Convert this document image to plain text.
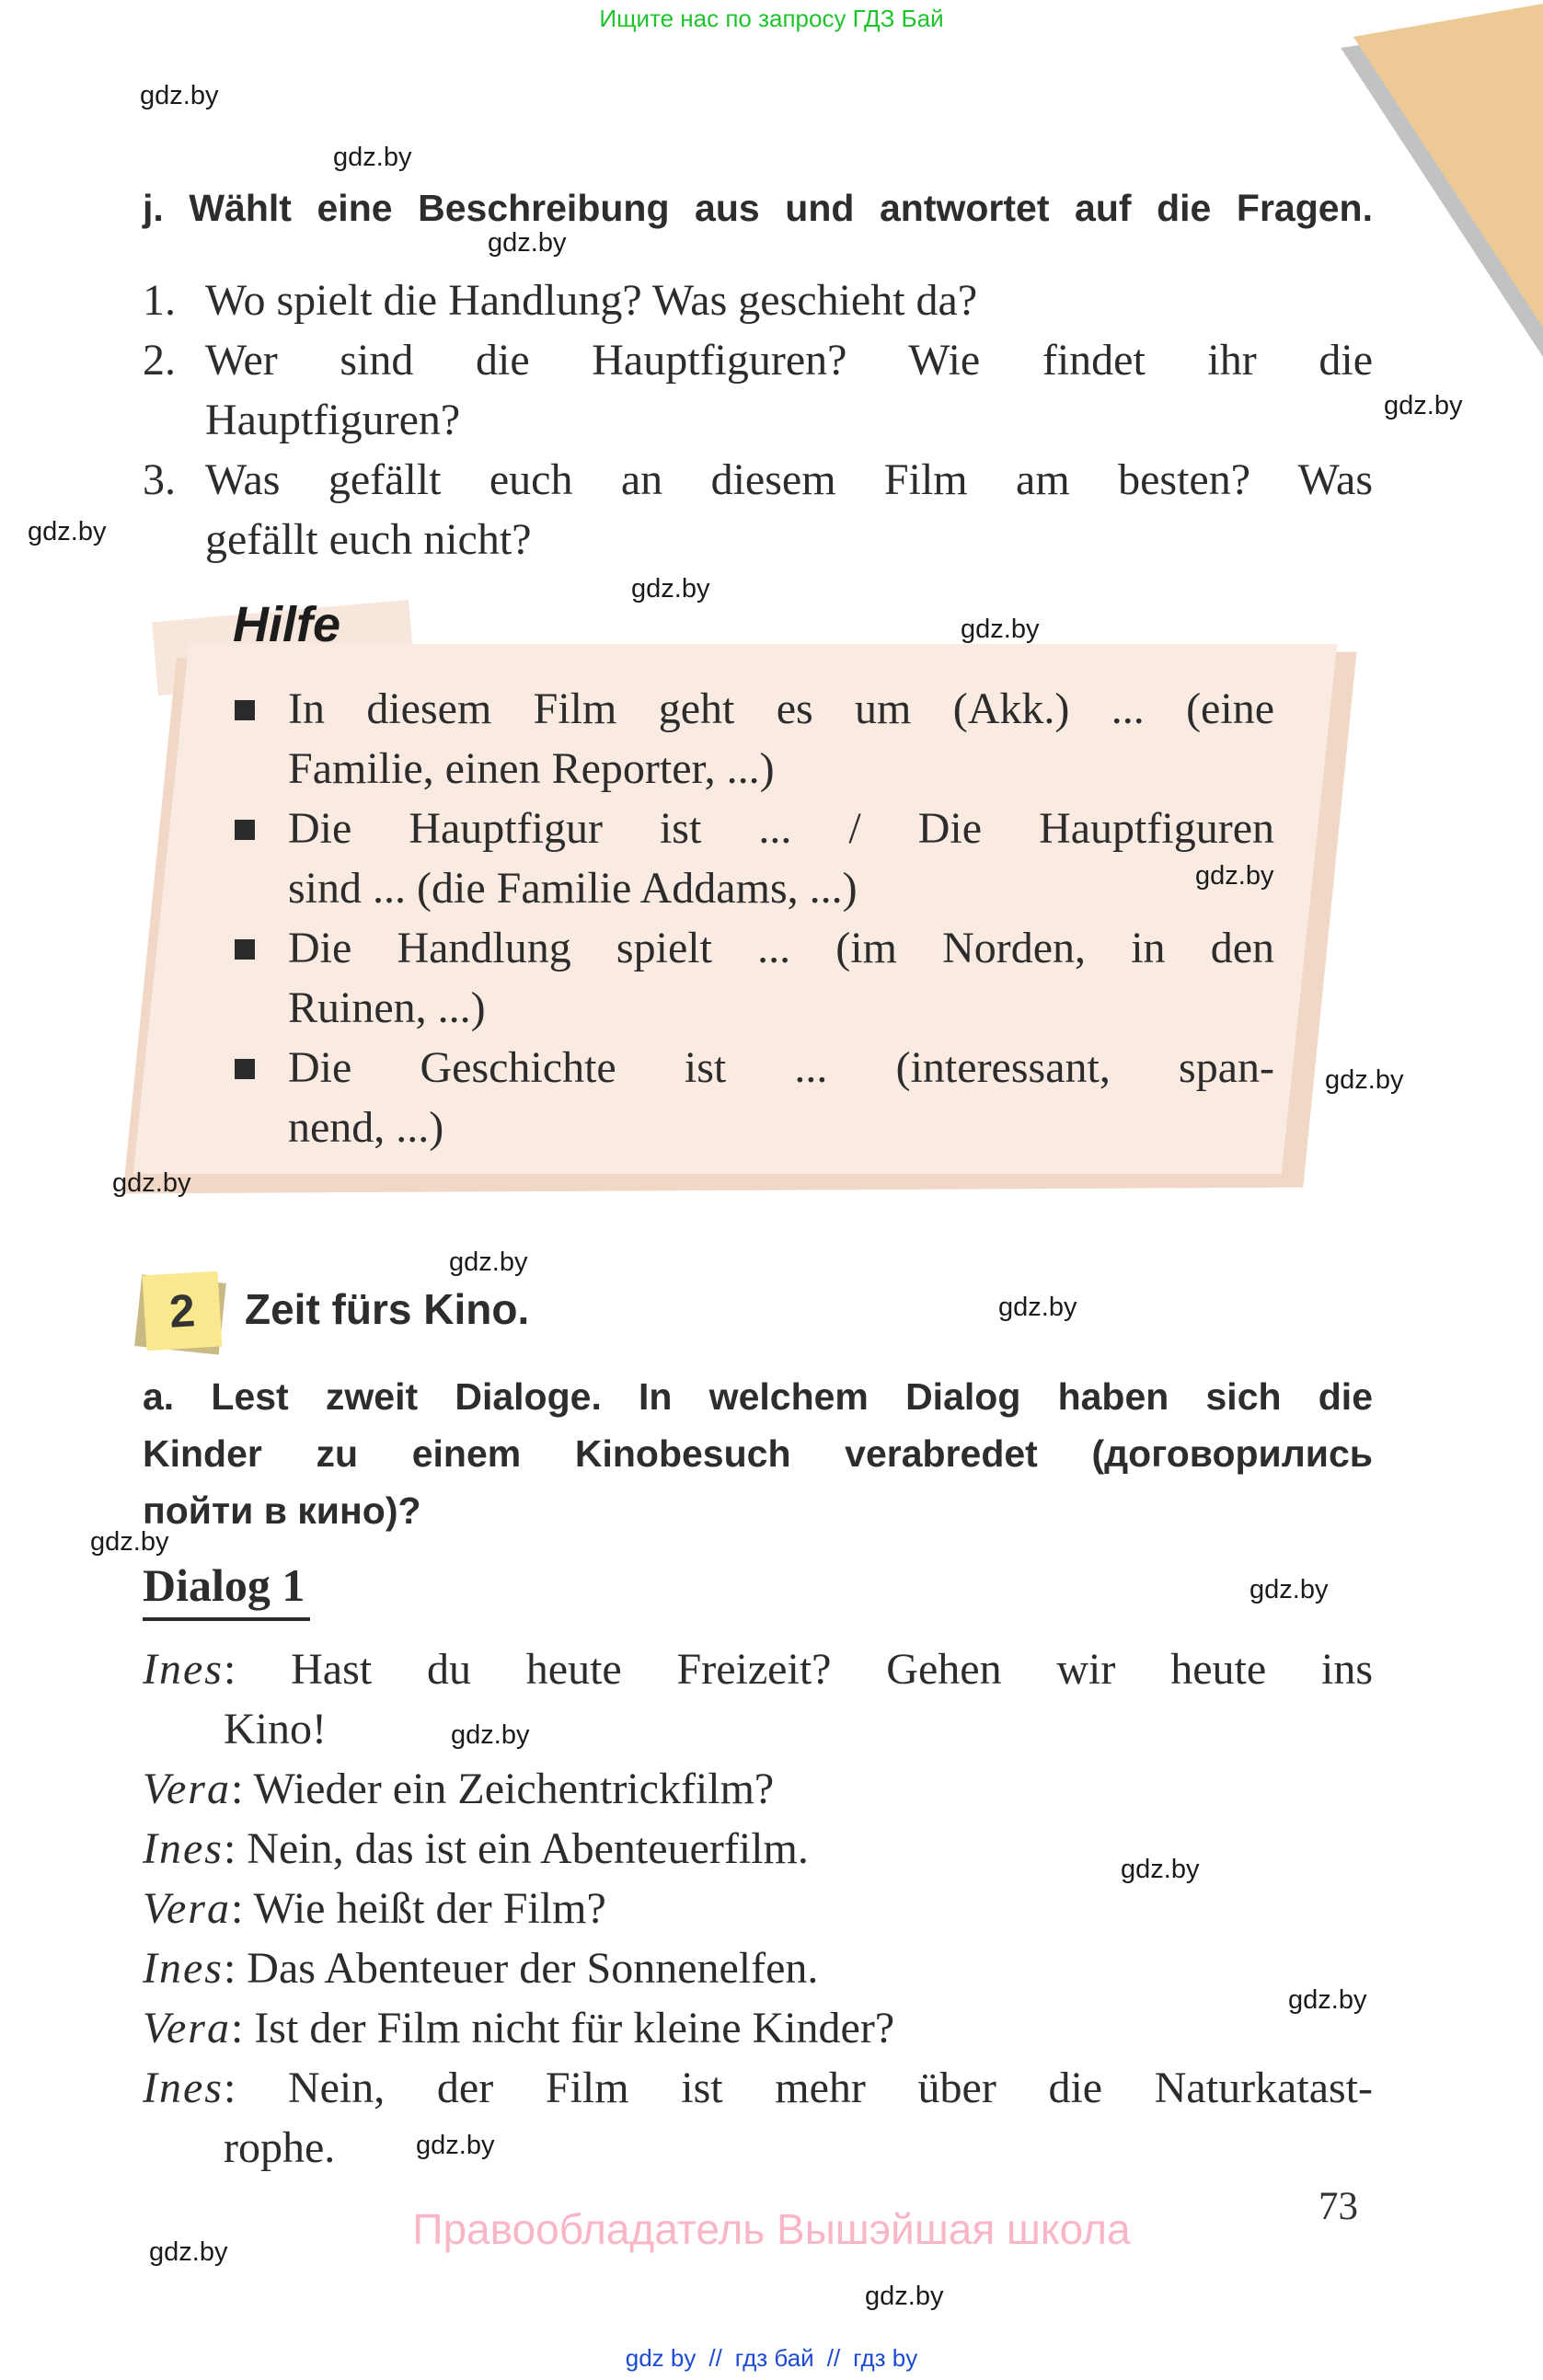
Ищите нас по запросу ГДЗ Бай
j. Wählt eine Beschreibung aus und antwortet auf die Fragen.
1. Wo spielt die Handlung? Was geschieht da?
2. Wer sind die Hauptfiguren? Wie findet ihr die
Hauptfiguren?
3. Was gefällt euch an diesem Film am besten? Was
gefällt euch nicht?
Hilfe
In diesem Film geht es um (Akk.) ... (eine
Familie, einen Reporter, ...)
Die Hauptfigur ist ... / Die Hauptfiguren
sind ... (die Familie Addams, ...)
Die Handlung spielt ... (im Norden, in den
Ruinen, ...)
Die Geschichte ist ... (interessant, span-
nend, ...)
2	Zeit fürs Kino.
a. Lest zweit Dialoge. In welchem Dialog haben sich die
Kinder zu einem Kinobesuch verabredet (договорились
пойти в кино)?
Dialog 1
Ines: Hast du heute Freizeit? Gehen wir heute ins
Kino!
Vera: Wieder ein Zeichentrickfilm?
Ines: Nein, das ist ein Abenteuerfilm.
Vera: Wie heißt der Film?
Ines: Das Abenteuer der Sonnenelfen.
Vera: Ist der Film nicht für kleine Kinder?
Ines: Nein, der Film ist mehr über die Naturkatast-
rophe.
Правообладатель Вышэйшая школа	73
gdz by // гдз бай // гдз by
gdz.by
gdz.by
gdz.by
gdz.by
gdz.by
gdz.by
gdz.by
gdz.by
gdz.by
gdz.by
gdz.by
gdz.by
gdz.by
gdz.by
gdz.by
gdz.by
gdz.by
gdz.by
gdz.by
gdz.by
